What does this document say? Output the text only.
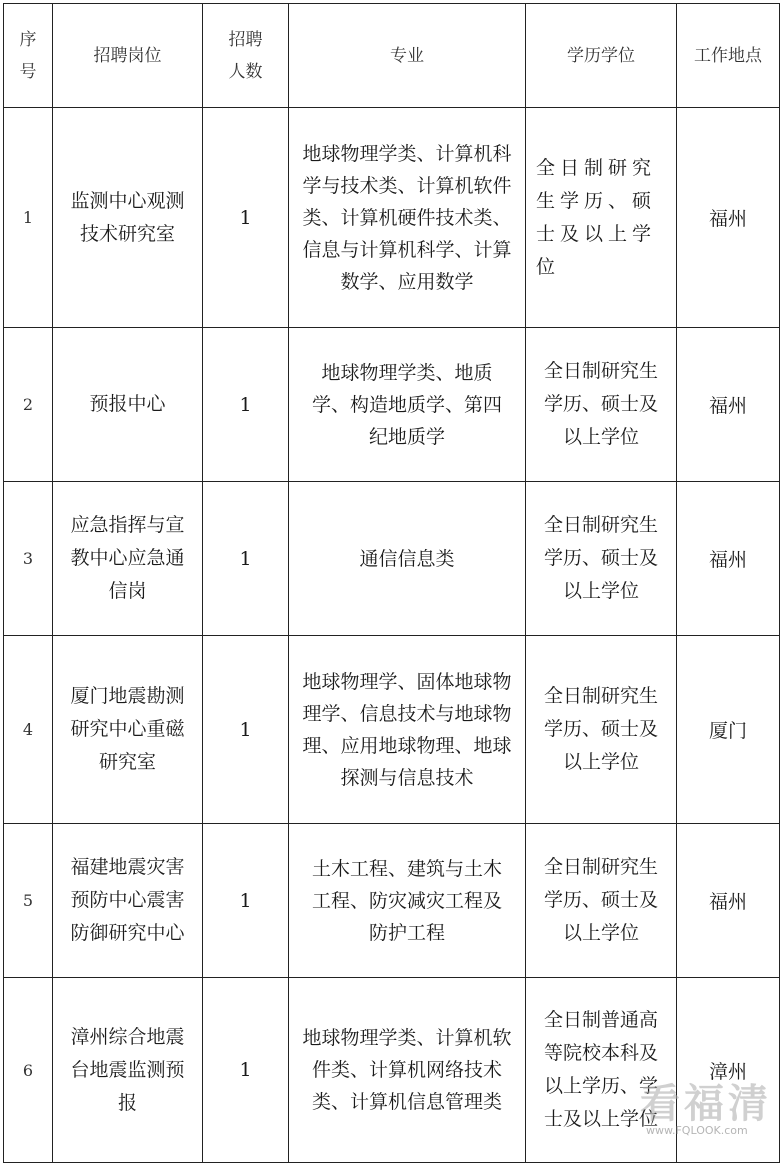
序号	招聘岗位	招聘人数	专业	学历学位	工作地点
1	监测中心观测技术研究室	1	地球物理学类、计算机科学与技术类、计算机软件类、计算机硬件技术类、信息与计算机科学、计算数学、应用数学	全日制研究生学历、硕士及以上学位	福州
2	预报中心	1	地球物理学类、地质学、构造地质学、第四纪地质学	全日制研究生学历、硕士及以上学位	福州
3	应急指挥与宣教中心应急通信岗	1	通信信息类	全日制研究生学历、硕士及以上学位	福州
4	厦门地震勘测研究中心重磁研究室	1	地球物理学、固体地球物理学、信息技术与地球物理、应用地球物理、地球探测与信息技术	全日制研究生学历、硕士及以上学位	厦门
5	福建地震灾害预防中心震害防御研究中心	1	土木工程、建筑与土木工程、防灾减灾工程及防护工程	全日制研究生学历、硕士及以上学位	福州
6	漳州综合地震台地震监测预报	1	地球物理学类、计算机软件类、计算机网络技术类、计算机信息管理类	全日制普通高等院校本科及以上学历、学士及以上学位	漳州
看福清
www.FQLOOK.com
